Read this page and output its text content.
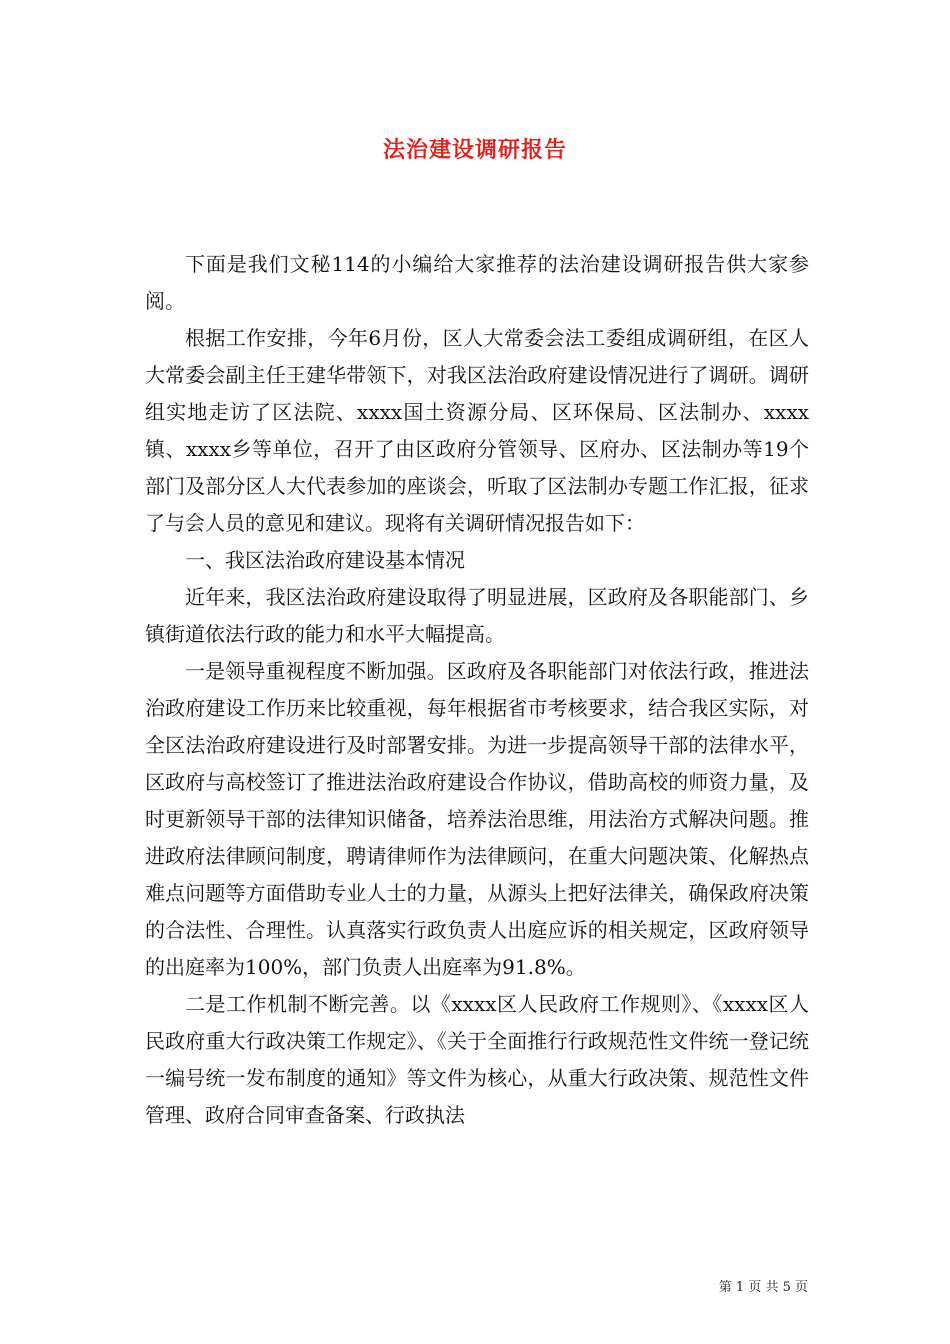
法治建设调研报告

下面是我们文秘114的小编给大家推荐的法治建设调研报告供大家参阅。

根据工作安排，今年6月份，区人大常委会法工委组成调研组，在区人大常委会副主任王建华带领下，对我区法治政府建设情况进行了调研。调研组实地走访了区法院、xxxx国土资源分局、区环保局、区法制办、xxxx镇、xxxx乡等单位，召开了由区政府分管领导、区府办、区法制办等19个部门及部分区人大代表参加的座谈会，听取了区法制办专题工作汇报，征求了与会人员的意见和建议。现将有关调研情况报告如下：

一、我区法治政府建设基本情况

近年来，我区法治政府建设取得了明显进展，区政府及各职能部门、乡镇街道依法行政的能力和水平大幅提高。

一是领导重视程度不断加强。区政府及各职能部门对依法行政，推进法治政府建设工作历来比较重视，每年根据省市考核要求，结合我区实际，对全区法治政府建设进行及时部署安排。为进一步提高领导干部的法律水平，区政府与高校签订了推进法治政府建设合作协议，借助高校的师资力量，及时更新领导干部的法律知识储备，培养法治思维，用法治方式解决问题。推进政府法律顾问制度，聘请律师作为法律顾问，在重大问题决策、化解热点难点问题等方面借助专业人士的力量，从源头上把好法律关，确保政府决策的合法性、合理性。认真落实行政负责人出庭应诉的相关规定，区政府领导的出庭率为100%，部门负责人出庭率为91.8%。

二是工作机制不断完善。以《xxxx区人民政府工作规则》、《xxxx区人民政府重大行政决策工作规定》、《关于全面推行行政规范性文件统一登记统一编号统一发布制度的通知》等文件为核心，从重大行政决策、规范性文件管理、政府合同审查备案、行政执法

第 1 页 共 5 页
